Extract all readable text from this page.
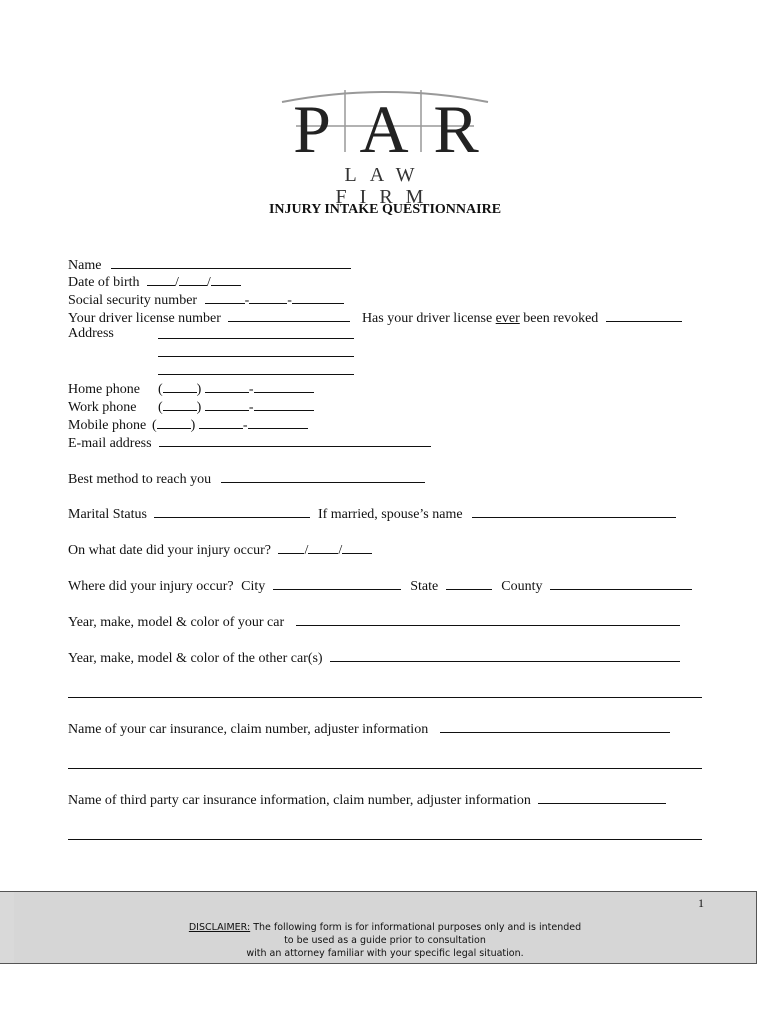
P A R
LAW FIRM
INJURY INTAKE QUESTIONNAIRE
Name
Date of birth	/ /
Social security number	-	-
Your driver license number	Has your driver license ever been revoked
Address
Home phone ( )	-
Work phone ( )	-
Mobile phone ( )	-
E-mail address
Best method to reach you
Marital Status	If married, spouse’s name
On what date did your injury occur? / /
Where did your injury occur? City	State	County
Year, make, model & color of your car
Year, make, model & color of the other car(s)
Name of your car insurance, claim number, adjuster information
Name of third party car insurance information, claim number, adjuster information
1
DISCLAIMER: The following form is for informational purposes only and is intended
to be used as a guide prior to consultation
with an attorney familiar with your specific legal situation.
